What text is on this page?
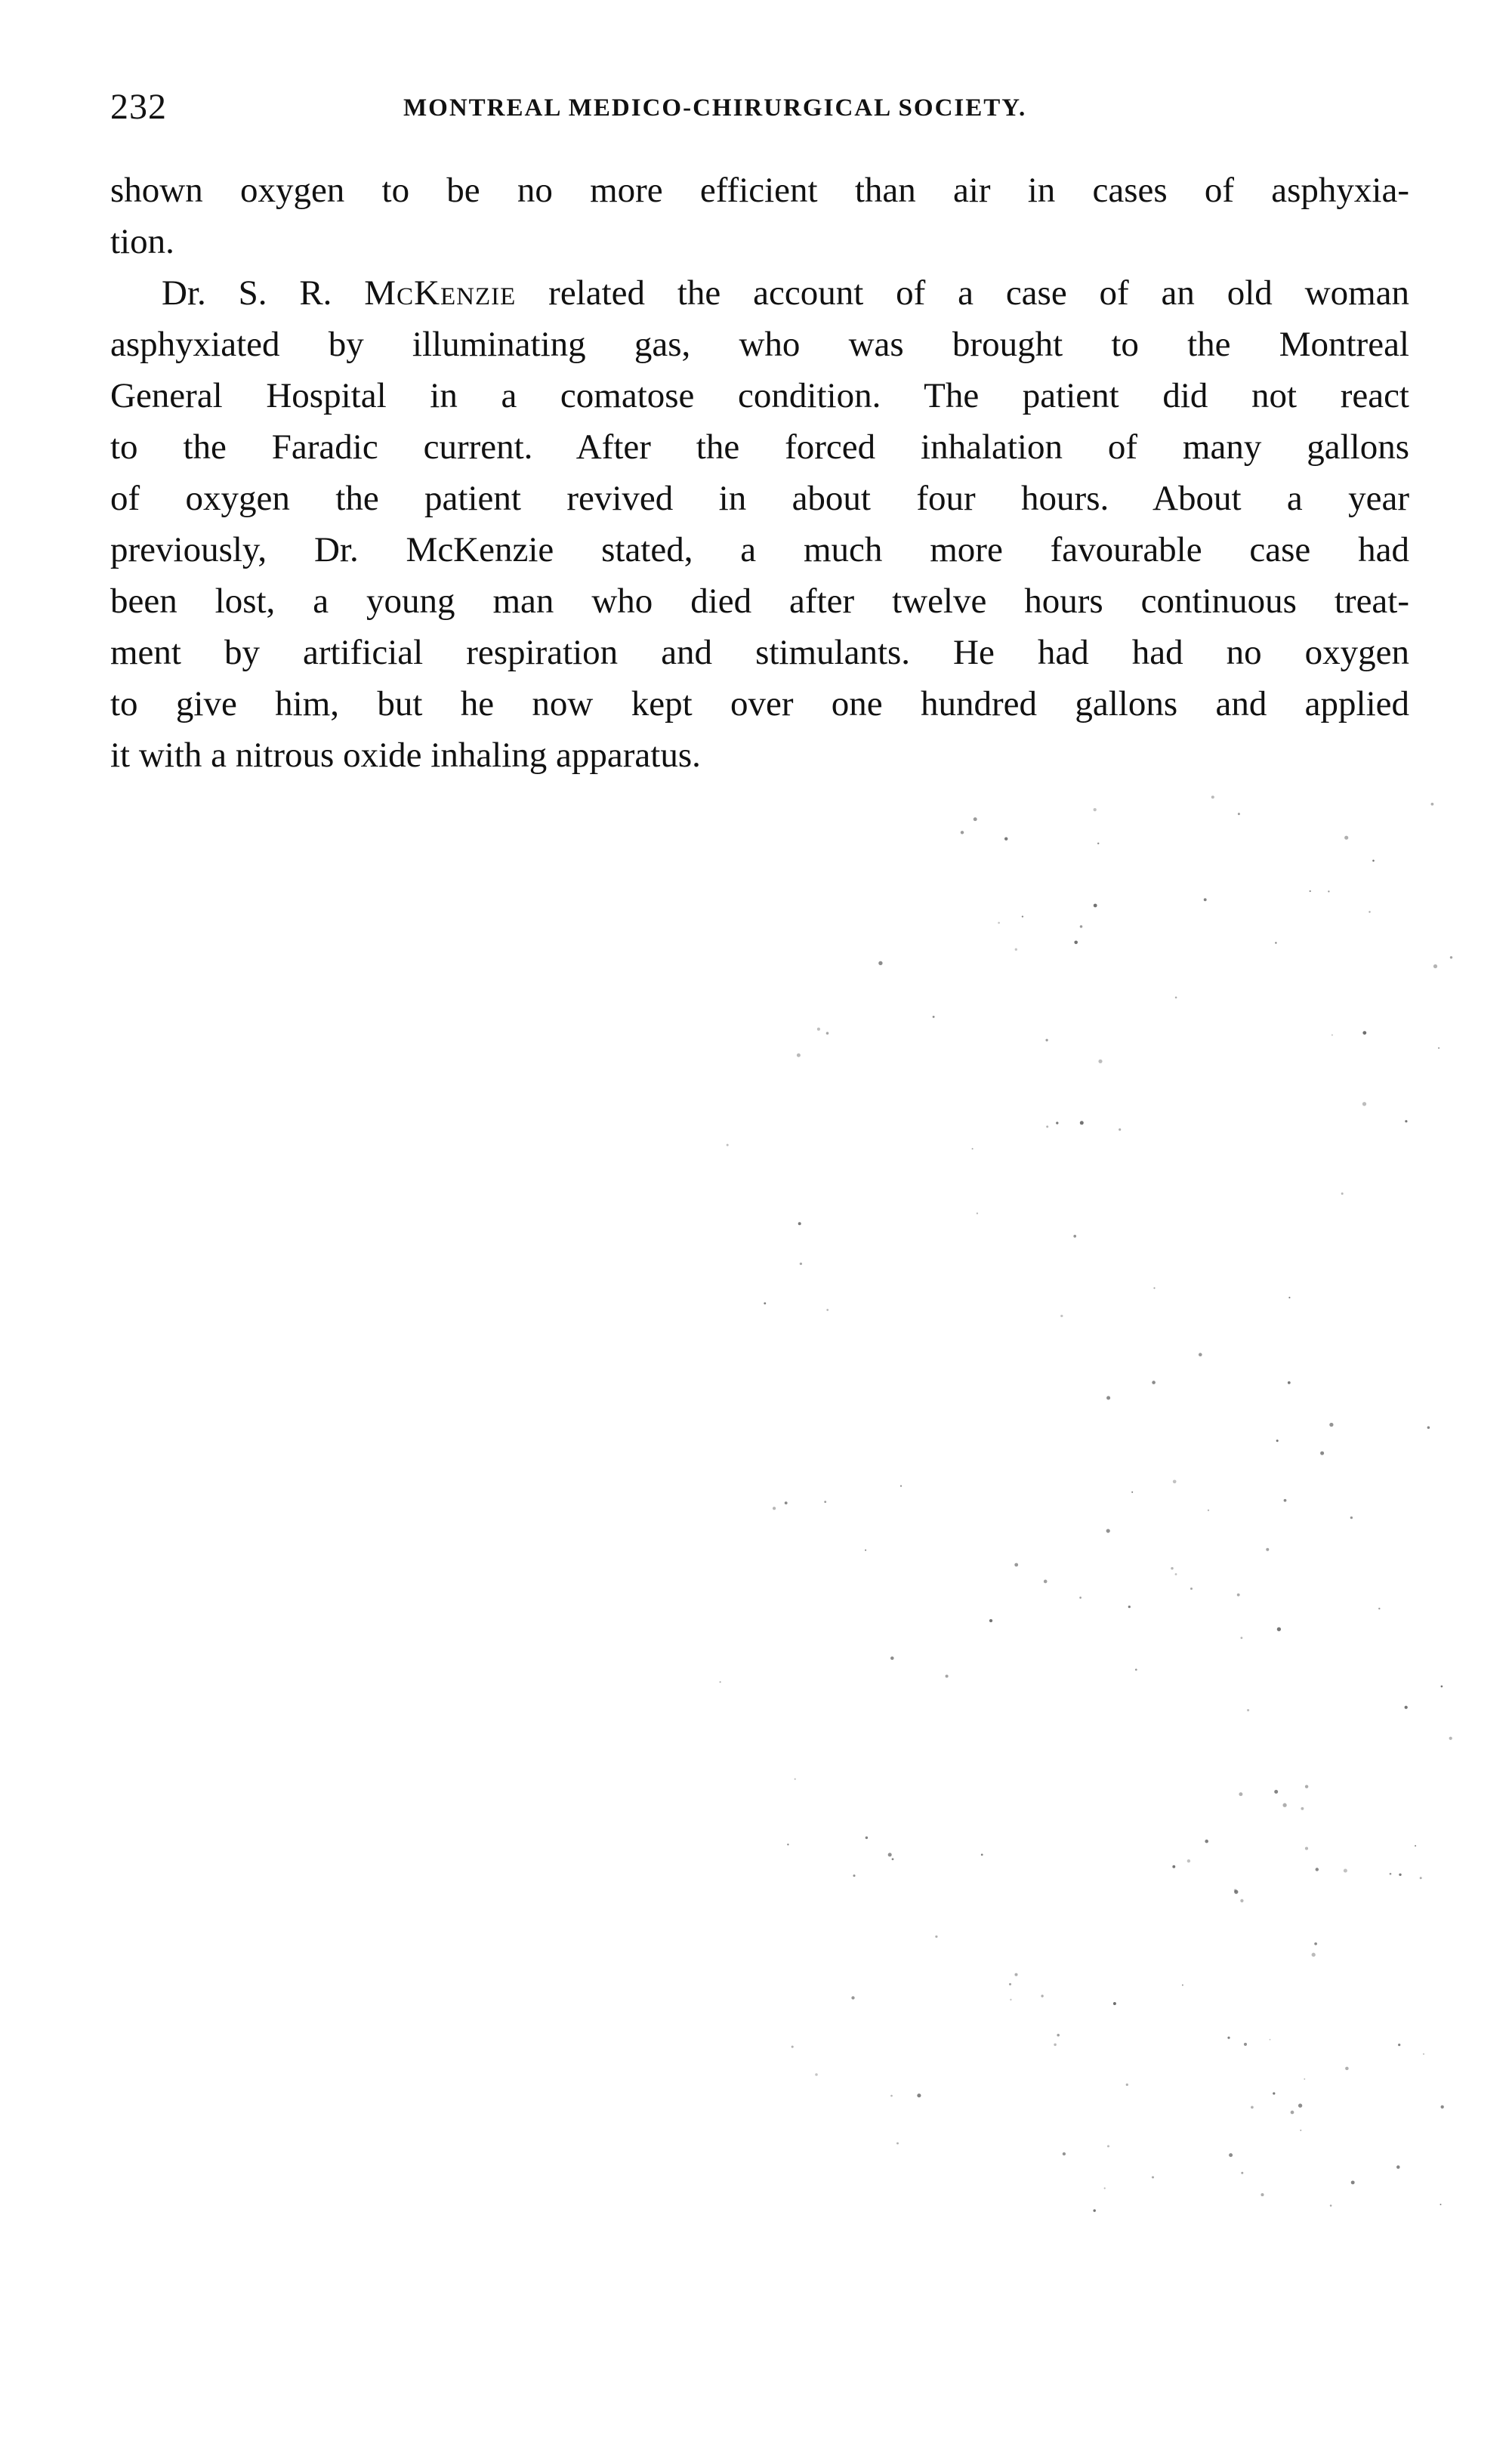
232	MONTREAL MEDICO-CHIRURGICAL SOCIETY.
shown oxygen to be no more efficient than air in cases of asphyxia-
tion.
Dr. S. R. McKenzie related the account of a case of an old woman
asphyxiated by illuminating gas, who was brought to the Montreal
General Hospital in a comatose condition. The patient did not react
to the Faradic current. After the forced inhalation of many gallons
of oxygen the patient revived in about four hours. About a year
previously, Dr. McKenzie stated, a much more favourable case had
been lost, a young man who died after twelve hours continuous treat-
ment by artificial respiration and stimulants. He had had no oxygen
to give him, but he now kept over one hundred gallons and applied
it with a nitrous oxide inhaling apparatus.
